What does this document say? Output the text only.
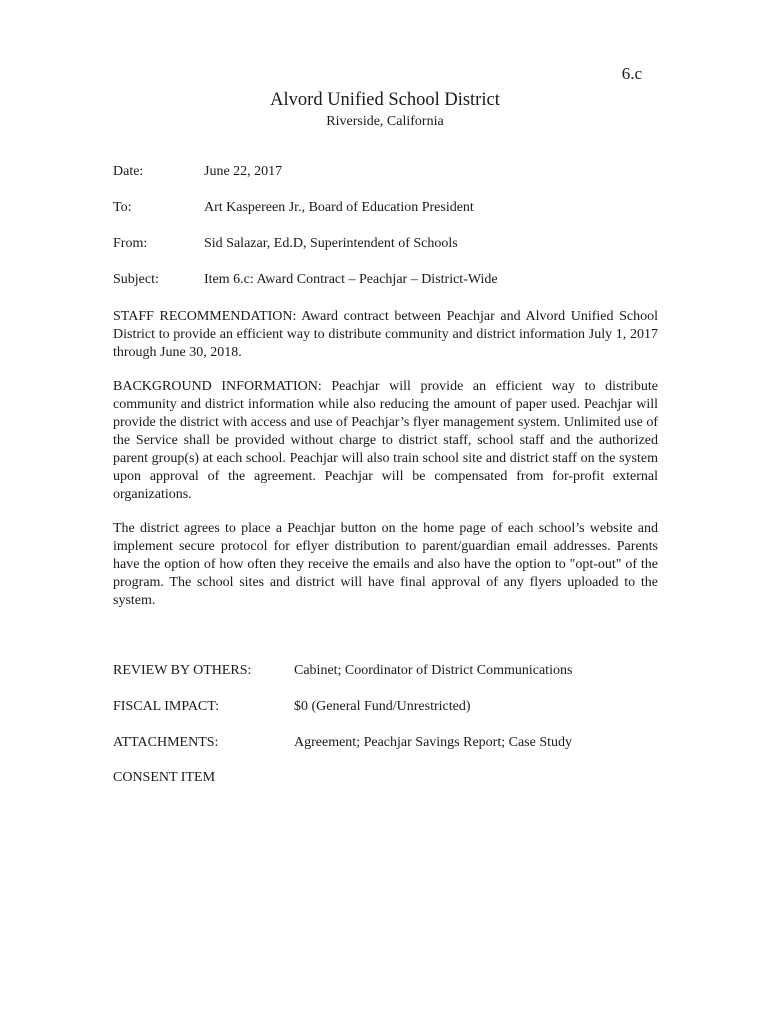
6.c
Alvord Unified School District
Riverside, California
Date:	June 22, 2017
To:	Art Kaspereen Jr., Board of Education President
From:	Sid Salazar, Ed.D, Superintendent of Schools
Subject:	Item 6.c: Award Contract – Peachjar – District-Wide

STAFF RECOMMENDATION: Award contract between Peachjar and Alvord Unified School District to provide an efficient way to distribute community and district information July 1, 2017 through June 30, 2018.

BACKGROUND INFORMATION: Peachjar will provide an efficient way to distribute community and district information while also reducing the amount of paper used. Peachjar will provide the district with access and use of Peachjar’s flyer management system. Unlimited use of the Service shall be provided without charge to district staff, school staff and the authorized parent group(s) at each school. Peachjar will also train school site and district staff on the system upon approval of the agreement. Peachjar will be compensated from for-profit external organizations.

The district agrees to place a Peachjar button on the home page of each school’s website and implement secure protocol for eflyer distribution to parent/guardian email addresses. Parents have the option of how often they receive the emails and also have the option to "opt-out" of the program. The school sites and district will have final approval of any flyers uploaded to the system.

REVIEW BY OTHERS:	Cabinet; Coordinator of District Communications
FISCAL IMPACT:	$0 (General Fund/Unrestricted)
ATTACHMENTS:	Agreement; Peachjar Savings Report; Case Study
CONSENT ITEM
